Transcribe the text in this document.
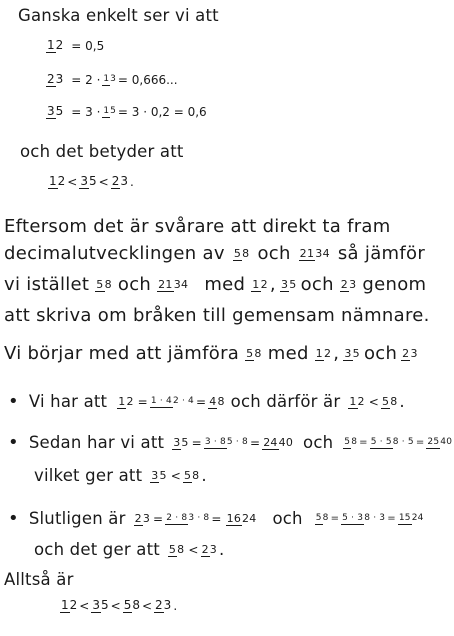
Ganska enkelt ser vi att
12 = 0,5
23 = 2 · 13 = 0,666...
35 = 3 · 15 = 3 · 0,2 = 0,6
och det betyder att
12 < 35 < 23 .
Eftersom det är svårare att direkt ta fram
decimalutvecklingen av 58 och 2134 så jämför
vi istället 58 och 2134 med 12 , 35 och 23 genom
att skriva om bråken till gemensam nämnare.
Vi börjar med att jämföra 58 med 12 , 35 och 23
• Vi har att 12 = 1 · 42 · 4 = 48 och därför är 12 < 58 .
• Sedan har vi att 35 = 3 · 85 · 8 = 2440 och 58 = 5 · 58 · 5 = 2540
vilket ger att 35 < 58 .
• Slutligen är 23 = 2 · 83 · 8 = 1624 och 58 = 5 · 38 · 3 = 1524
och det ger att 58 < 23 .
Alltså är
12 < 35 < 58 < 23 .
